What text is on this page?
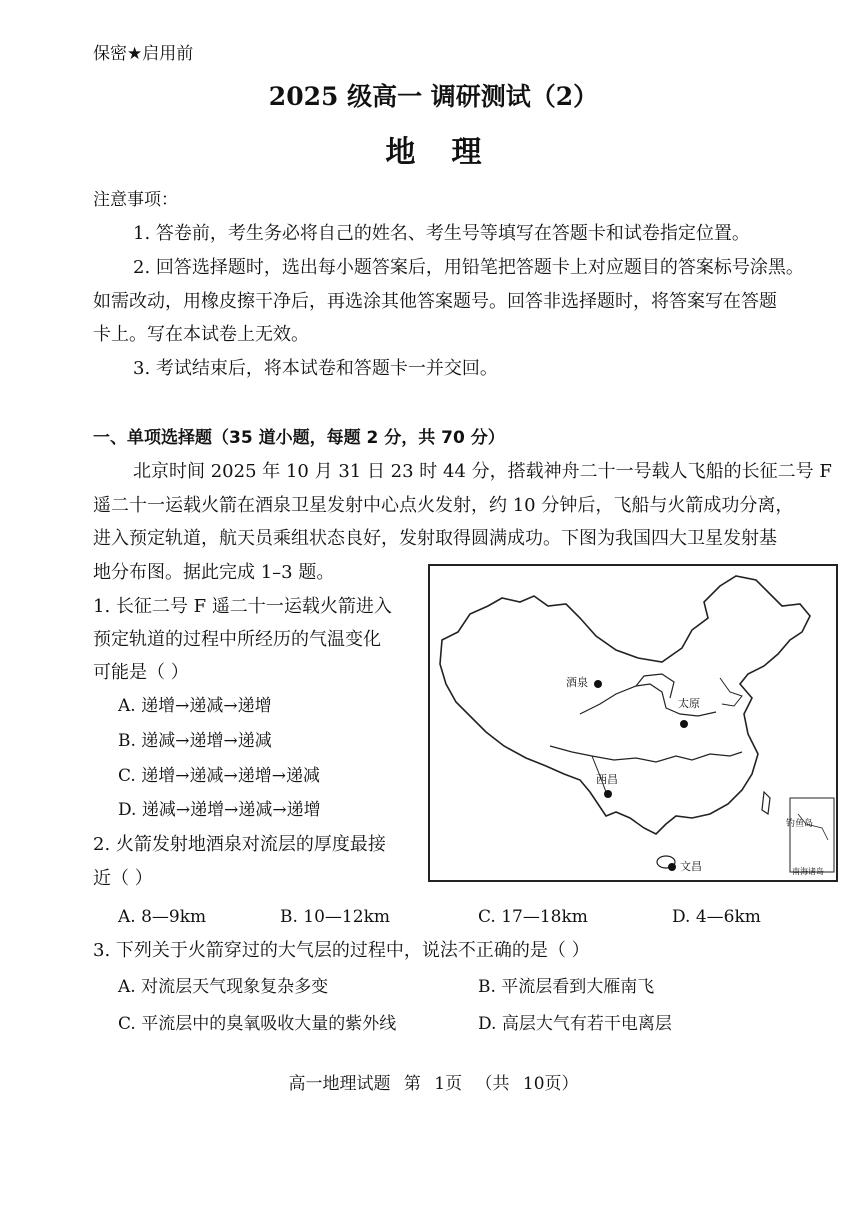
保密★启用前
2025 级高一 调研测试（2）
地理
注意事项：
1. 答卷前，考生务必将自己的姓名、考生号等填写在答题卡和试卷指定位置。
2. 回答选择题时，选出每小题答案后，用铅笔把答题卡上对应题目的答案标号涂黑。
如需改动，用橡皮擦干净后，再选涂其他答案题号。回答非选择题时，将答案写在答题
卡上。写在本试卷上无效。
3. 考试结束后，将本试卷和答题卡一并交回。
一、单项选择题（35 道小题，每题 2 分，共 70 分）
北京时间 2025 年 10 月 31 日 23 时 44 分，搭载神舟二十一号载人飞船的长征二号 F
遥二十一运载火箭在酒泉卫星发射中心点火发射，约 10 分钟后，飞船与火箭成功分离，
进入预定轨道，航天员乘组状态良好，发射取得圆满成功。下图为我国四大卫星发射基
地分布图。据此完成 1–3 题。
1. 长征二号 F 遥二十一运载火箭进入
预定轨道的过程中所经历的气温变化
可能是（ ）
A. 递增→递减→递增
B. 递减→递增→递减
C. 递增→递减→递增→递减
D. 递减→递增→递减→递增
2. 火箭发射地酒泉对流层的厚度最接
近（ ）
A. 8—9km	B. 10—12km	C. 17—18km	D. 4—6km
3. 下列关于火箭穿过的大气层的过程中，说法不正确的是（ ）
A. 对流层天气现象复杂多变	B. 平流层看到大雁南飞
C. 平流层中的臭氧吸收大量的紫外线	D. 高层大气有若干电离层
酒泉
太原
西昌
文昌
钓鱼岛
南海诸岛
高一地理试题 第 1页 （共 10页）
